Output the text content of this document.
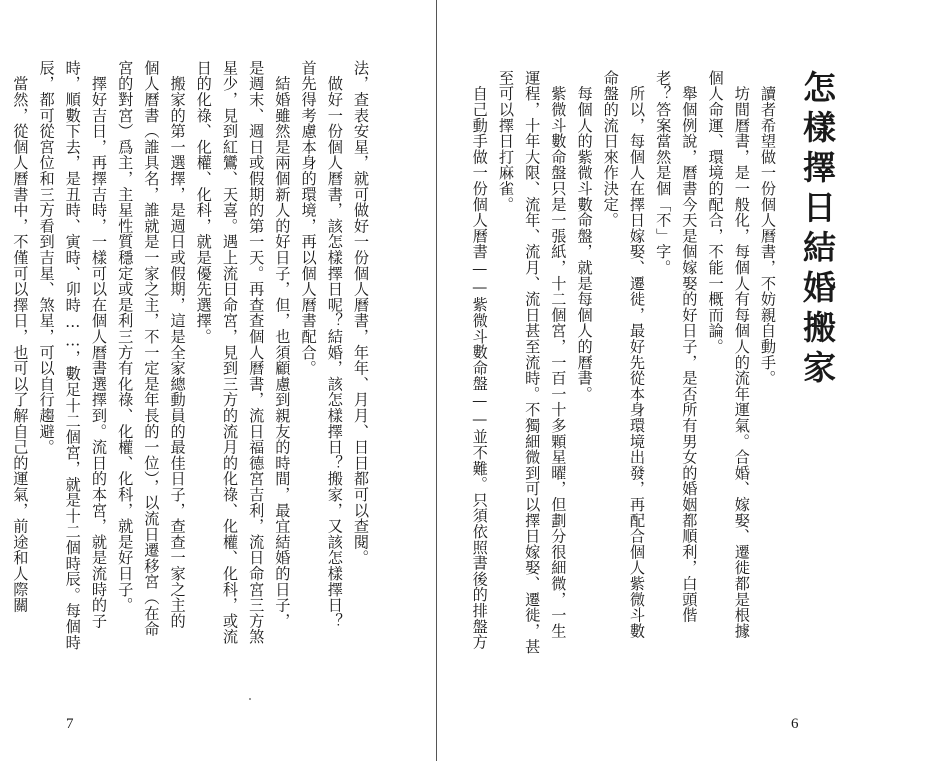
法，查表安星，就可做好一份個人曆書，年年、月月、日日都可以查閱。
　做好一份個人曆書，該怎樣擇日呢？結婚，該怎樣擇日？搬家，又該怎樣擇日？
首先得考慮本身的環境，再以個人曆書配合。
　結婚雖然是兩個新人的好日子，但，也須顧慮到親友的時間，最宜結婚的日子，
是週末、週日或假期的第一天。再查查個人曆書，流日福德宮吉利，流日命宮三方煞
星少，見到紅鸞、天喜。遇上流日命宮，見到三方的流月的化祿、化權、化科，或流
日的化祿、化權、化科，就是優先選擇。
　搬家的第一選擇，是週日或假期，這是全家總動員的最佳日子，查查一家之主的
個人曆書（誰具名，誰就是一家之主，不一定是年長的一位），以流日遷移宮（在命
宮的對宮）爲主，主星性質穩定或是利三方有化祿、化權、化科，就是好日子。
　擇好吉日，再擇吉時，一樣可以在個人曆書選擇到。流日的本宮，就是流時的子
時，順數下去，是丑時、寅時、卯時……，數足十二個宮，就是十二個時辰。每個時
辰，都可從宮位和三方看到吉星、煞星，可以自行趨避。
　當然，從個人曆書中，不僅可以擇日，也可以了解自己的運氣，前途和人際關
7
怎樣擇日結婚搬家
　讀者希望做一份個人曆書，不妨親自動手。
　坊間曆書，是一般化，每個人有每個人的流年運氣。合婚、嫁娶、遷徙都是根據
個人命運、環境的配合，不能一概而論。
　舉個例說，曆書今天是個嫁娶的好日子，是否所有男女的婚姻都順利，白頭偕
老？答案當然是個「不」字。
　所以，每個人在擇日嫁娶、遷徙，最好先從本身環境出發，再配合個人紫微斗數
命盤的流日來作決定。
　每個人的紫微斗數命盤，就是每個人的曆書。
　紫微斗數命盤只是一張紙，十二個宮，一百一十多顆星曜，但劃分很細微，一生
運程，十年大限、流年、流月、流日甚至流時。不獨細微到可以擇日嫁娶、遷徙，甚
至可以擇日打麻雀。
　自己動手做一份個人曆書——紫微斗數命盤——並不難。只須依照書後的排盤方
6
